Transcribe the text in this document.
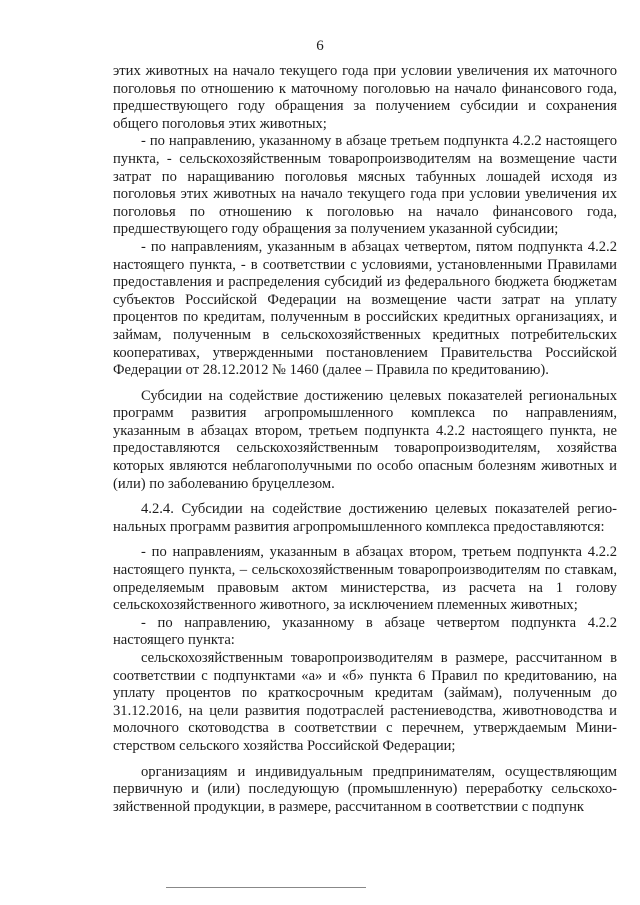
6

этих животных на начало текущего года при условии увеличения их маточного поголовья по отношению к маточному поголовью на начало финансового года, предшествующего году обращения за получением субсидии и сохранения общего поголовья этих животных;

- по направлению, указанному в абзаце третьем подпункта 4.2.2 настоящего пункта, - сельскохозяйственным товаропроизводителям на возмещение части затрат по наращиванию поголовья мясных табунных лошадей исходя из поголовья этих животных на начало текущего года при условии увеличения их поголовья по отношению к поголовью на начало финансового года, предшествующего году обращения за получением указанной субсидии;

- по направлениям, указанным в абзацах четвертом, пятом подпункта 4.2.2 настоящего пункта, - в соответствии с условиями, установленными Правилами предоставления и распределения субсидий из федерального бюджета бюджетам субъектов Российской Федерации на возмещение части затрат на уплату процентов по кредитам, полученным в российских кредитных организациях, и займам, полученным в сельскохозяйственных кредитных потребительских кооперативах, утвержденными постановлением Правительства Российской Федерации от 28.12.2012 № 1460 (далее – Правила по кредитованию).

Субсидии на содействие достижению целевых показателей региональных программ развития агропромышленного комплекса по направлениям, указанным в абзацах втором, третьем подпункта 4.2.2 настоящего пункта, не предоставляются сельскохозяйственным товаропроизводителям, хозяйства которых являются неблагополучными по особо опасным болезням животных и (или) по заболеванию бруцеллезом.

4.2.4. Субсидии на содействие достижению целевых показателей региональных программ развития агропромышленного комплекса предоставляются:

- по направлениям, указанным в абзацах втором, третьем подпункта 4.2.2 настоящего пункта, – сельскохозяйственным товаропроизводителям по ставкам, определяемым правовым актом министерства, из расчета на 1 голову сельскохозяйственного животного, за исключением племенных животных;

- по направлению, указанному в абзаце четвертом подпункта 4.2.2 настоящего пункта:

сельскохозяйственным товаропроизводителям в размере, рассчитанном в соответствии с подпунктами «а» и «б» пункта 6 Правил по кредитованию, на уплату процентов по краткосрочным кредитам (займам), полученным до 31.12.2016, на цели развития подотраслей растениеводства, животноводства и молочного скотоводства в соответствии с перечнем, утверждаемым Министерством сельского хозяйства Российской Федерации;

организациям и индивидуальным предпринимателям, осуществляющим первичную и (или) последующую (промышленную) переработку сельскохозяйственной продукции, в размере, рассчитанном в соответствии с подпунк
